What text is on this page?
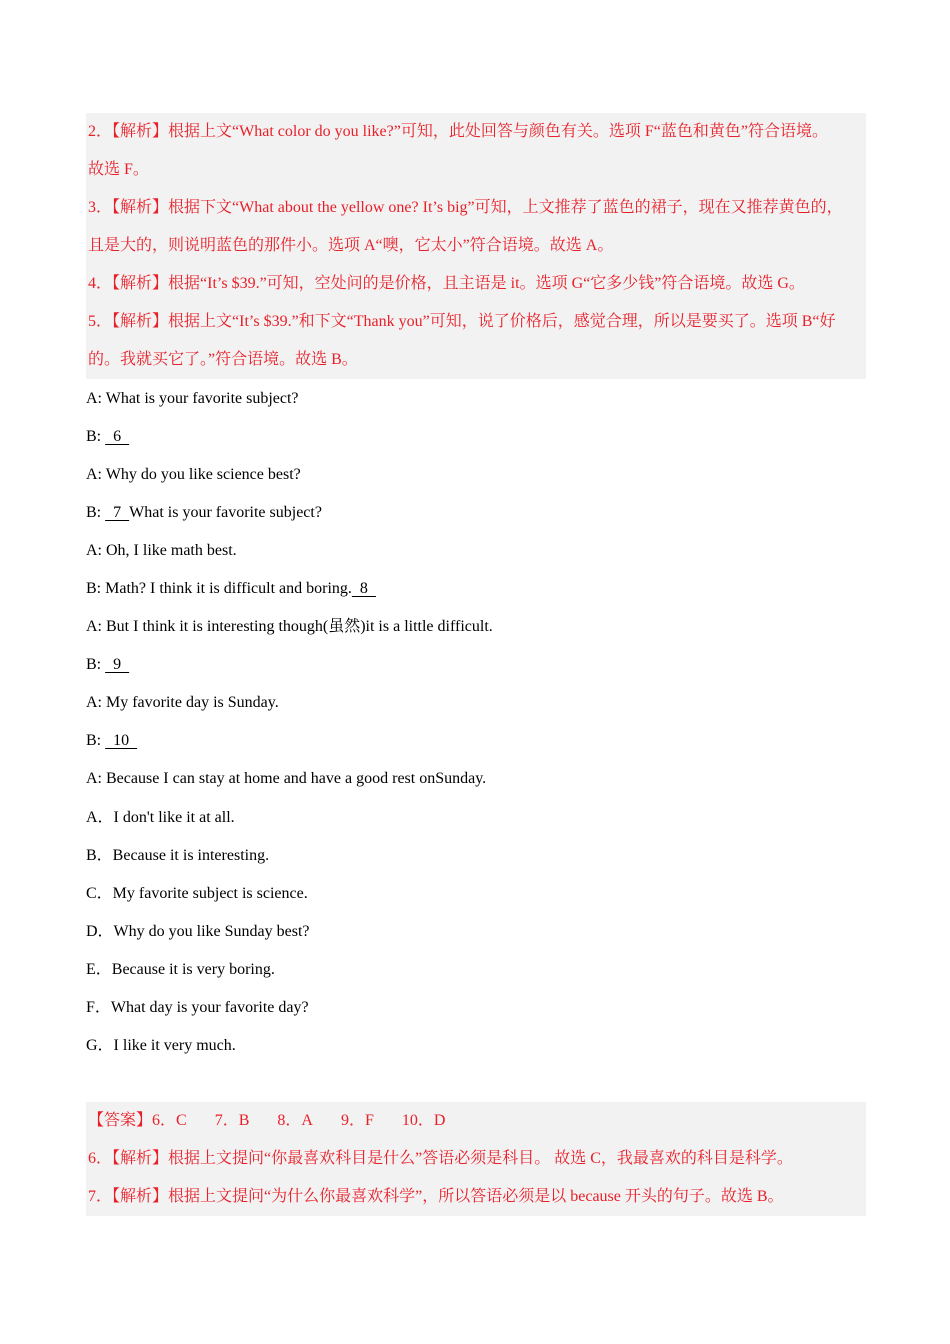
2．【解析】根据上文“What color do you like?”可知，此处回答与颜色有关。选项 F“蓝色和黄色”符合语境。
故选 F。
3．【解析】根据下文“What about the yellow one? It’s big”可知，上文推荐了蓝色的裙子，现在又推荐黄色的，
且是大的，则说明蓝色的那件小。选项 A“噢，它太小”符合语境。故选 A。
4．【解析】根据“It’s $39.”可知，空处问的是价格，且主语是 it。选项 G“它多少钱”符合语境。故选 G。
5．【解析】根据上文“It’s $39.”和下文“Thank you”可知，说了价格后，感觉合理，所以是要买了。选项 B“好
的。我就买它了。”符合语境。故选 B。
A: What is your favorite subject?
B:   6
A: Why do you like science best?
B:   7  What is your favorite subject?
A: Oh, I like math best.
B: Math? I think it is difficult and boring.  8
A: But I think it is interesting though(虽然)it is a little difficult.
B:   9
A: My favorite day is Sunday.
B:   10
A: Because I can stay at home and have a good rest onSunday.
A．I don't like it at all.
B．Because it is interesting.
C．My favorite subject is science.
D．Why do you like Sunday best?
E．Because it is very boring.
F．What day is your favorite day?
G．I like it very much.
【答案】6．C 7．B 8．A 9．F 10．D
6．【解析】根据上文提问“你最喜欢科目是什么”答语必须是科目。 故选 C，我最喜欢的科目是科学。
7．【解析】根据上文提问“为什么你最喜欢科学”，所以答语必须是以 because 开头的句子。故选 B。
